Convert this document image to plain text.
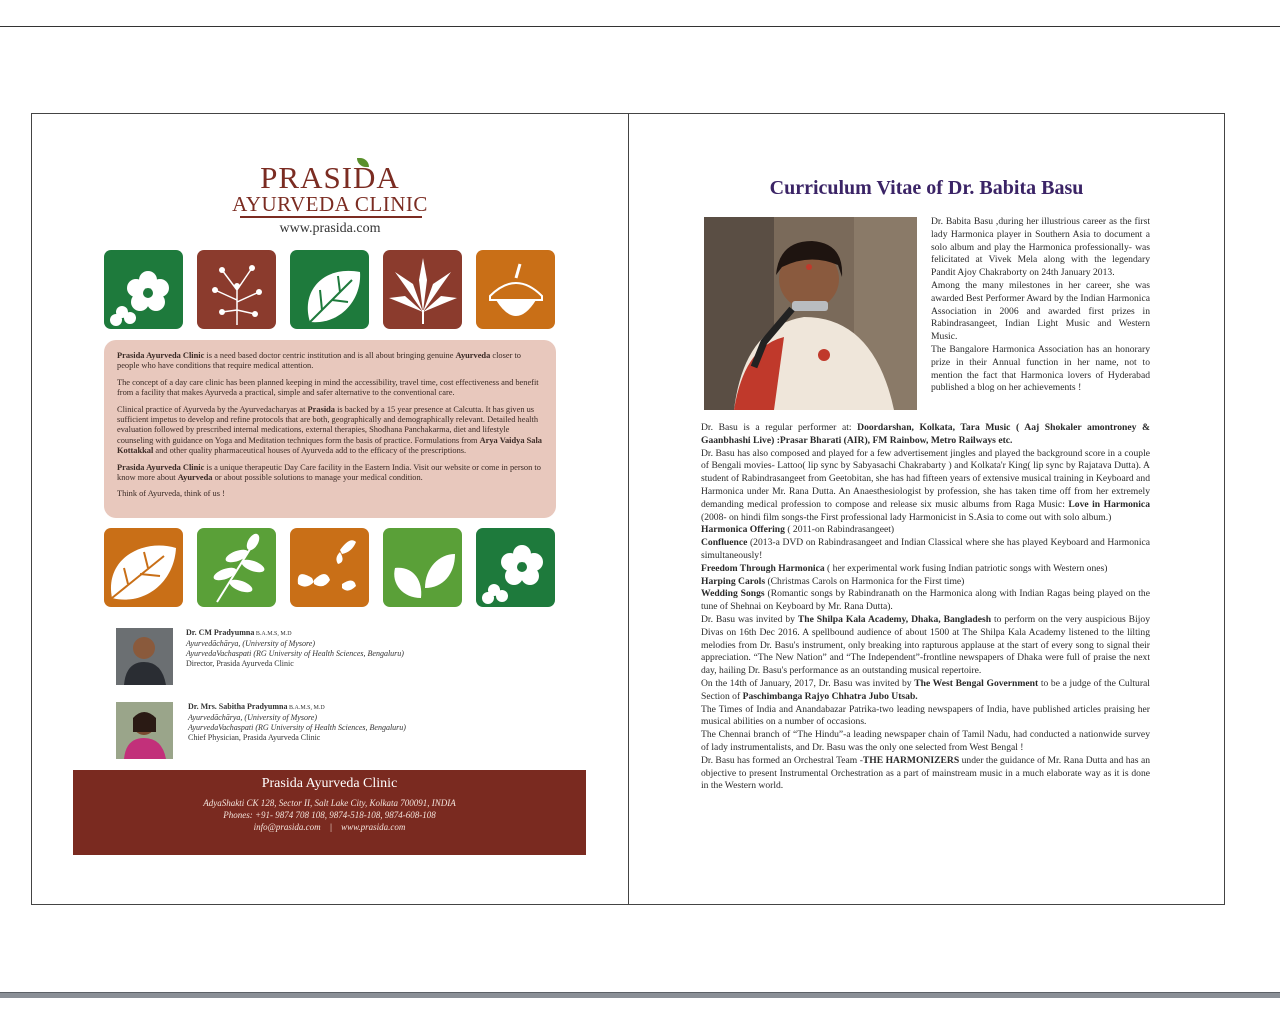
PRASIDA
AYURVEDA CLINIC
www.prasida.com

Prasida Ayurveda Clinic is a need based doctor centric institution and is all about bringing genuine Ayurveda closer to people who have conditions that require medical attention.

The concept of a day care clinic has been planned keeping in mind the accessibility, travel time, cost effectiveness and benefit from a facility that makes Ayurveda a practical, simple and safer alternative to the conventional care.

Clinical practice of Ayurveda by the Ayurvedacharyas at Prasida is backed by a 15 year presence at Calcutta. It has given us sufficient impetus to develop and refine protocols that are both, geographically and demographically relevant. Detailed health evaluation followed by prescribed internal medications, external therapies, Shodhana Panchakarma, diet and lifestyle counseling with guidance on Yoga and Meditation techniques form the basis of practice. Formulations from Arya Vaidya Sala Kottakkal and other quality pharmaceutical houses of Ayurveda add to the efficacy of the prescriptions.

Prasida Ayurveda Clinic is a unique therapeutic Day Care facility in the Eastern India. Visit our website or come in person to know more about Ayurveda or about possible solutions to manage your medical condition.

Think of Ayurveda, think of us !

Dr. CM Pradyumna B.A.M.S, M.D
Ayurvedāchārya, (University of Mysore)
AyurvedaVachaspati (RG University of Health Sciences, Bengaluru)
Director, Prasida Ayurveda Clinic
Dr. Mrs. Sabitha Pradyumna B.A.M.S, M.D
Ayurvedāchārya, (University of Mysore)
AyurvedaVachaspati (RG University of Health Sciences, Bengaluru)
Chief Physician, Prasida Ayurveda Clinic
Prasida Ayurveda Clinic
AdyaShakti CK 128, Sector II, Salt Lake City, Kolkata 700091, INDIA
Phones: +91- 9874 708 108, 9874-518-108, 9874-608-108
info@prasida.com | www.prasida.com
Curriculum Vitae of Dr. Babita Basu

Dr. Babita Basu ,during her illustrious career as the first lady Harmonica player in Southern Asia to document a solo album and play the Harmonica professionally- was felicitated at Vivek Mela along with the legendary Pandit Ajoy Chakraborty on 24th January 2013.

Among the many milestones in her career, she was awarded Best Performer Award by the Indian Harmonica Association in 2006 and awarded first prizes in Rabindrasangeet, Indian Light Music and Western Music.

The Bangalore Harmonica Association has an honorary prize in their Annual function in her name, not to mention the fact that Harmonica lovers of Hyderabad published a blog on her achievements !

Dr. Basu is a regular performer at: Doordarshan, Kolkata, Tara Music ( Aaj Shokaler amontroney & Gaanbhashi Live) :Prasar Bharati (AIR), FM Rainbow, Metro Railways etc.

Dr. Basu has also composed and played for a few advertisement jingles and played the background score in a couple of Bengali movies- Lattoo( lip sync by Sabyasachi Chakrabarty ) and Kolkata'r King( lip sync by Rajatava Dutta). A student of Rabindrasangeet from Geetobitan, she has had fifteen years of extensive musical training in Keyboard and Harmonica under Mr. Rana Dutta. An Anaesthesiologist by profession, she has taken time off from her extremely demanding medical profession to compose and release six music albums from Raga Music: Love in Harmonica (2008- on hindi film songs-the First professional lady Harmonicist in S.Asia to come out with solo album.)

Harmonica Offering ( 2011-on Rabindrasangeet)

Confluence (2013-a DVD on Rabindrasangeet and Indian Classical where she has played Keyboard and Harmonica simultaneously!

Freedom Through Harmonica ( her experimental work fusing Indian patriotic songs with Western ones)

Harping Carols (Christmas Carols on Harmonica for the First time)

Wedding Songs (Romantic songs by Rabindranath on the Harmonica along with Indian Ragas being played on the tune of Shehnai on Keyboard by Mr. Rana Dutta).

Dr. Basu was invited by The Shilpa Kala Academy, Dhaka, Bangladesh to perform on the very auspicious Bijoy Divas on 16th Dec 2016. A spellbound audience of about 1500 at The Shilpa Kala Academy listened to the lilting melodies from Dr. Basu's instrument, only breaking into rapturous applause at the start of every song to signal their appreciation. “The New Nation” and “The Independent”-frontline newspapers of Dhaka were full of praise the next day, hailing Dr. Basu's performance as an outstanding musical repertoire.

On the 14th of January, 2017, Dr. Basu was invited by The West Bengal Government to be a judge of the Cultural Section of Paschimbanga Rajyo Chhatra Jubo Utsab.

The Times of India and Anandabazar Patrika-two leading newspapers of India, have published articles praising her musical abilities on a number of occasions.

The Chennai branch of “The Hindu”-a leading newspaper chain of Tamil Nadu, had conducted a nationwide survey of lady instrumentalists, and Dr. Basu was the only one selected from West Bengal !

Dr. Basu has formed an Orchestral Team -THE HARMONIZERS under the guidance of Mr. Rana Dutta and has an objective to present Instrumental Orchestration as a part of mainstream music in a much elaborate way as it is done in the Western world.
